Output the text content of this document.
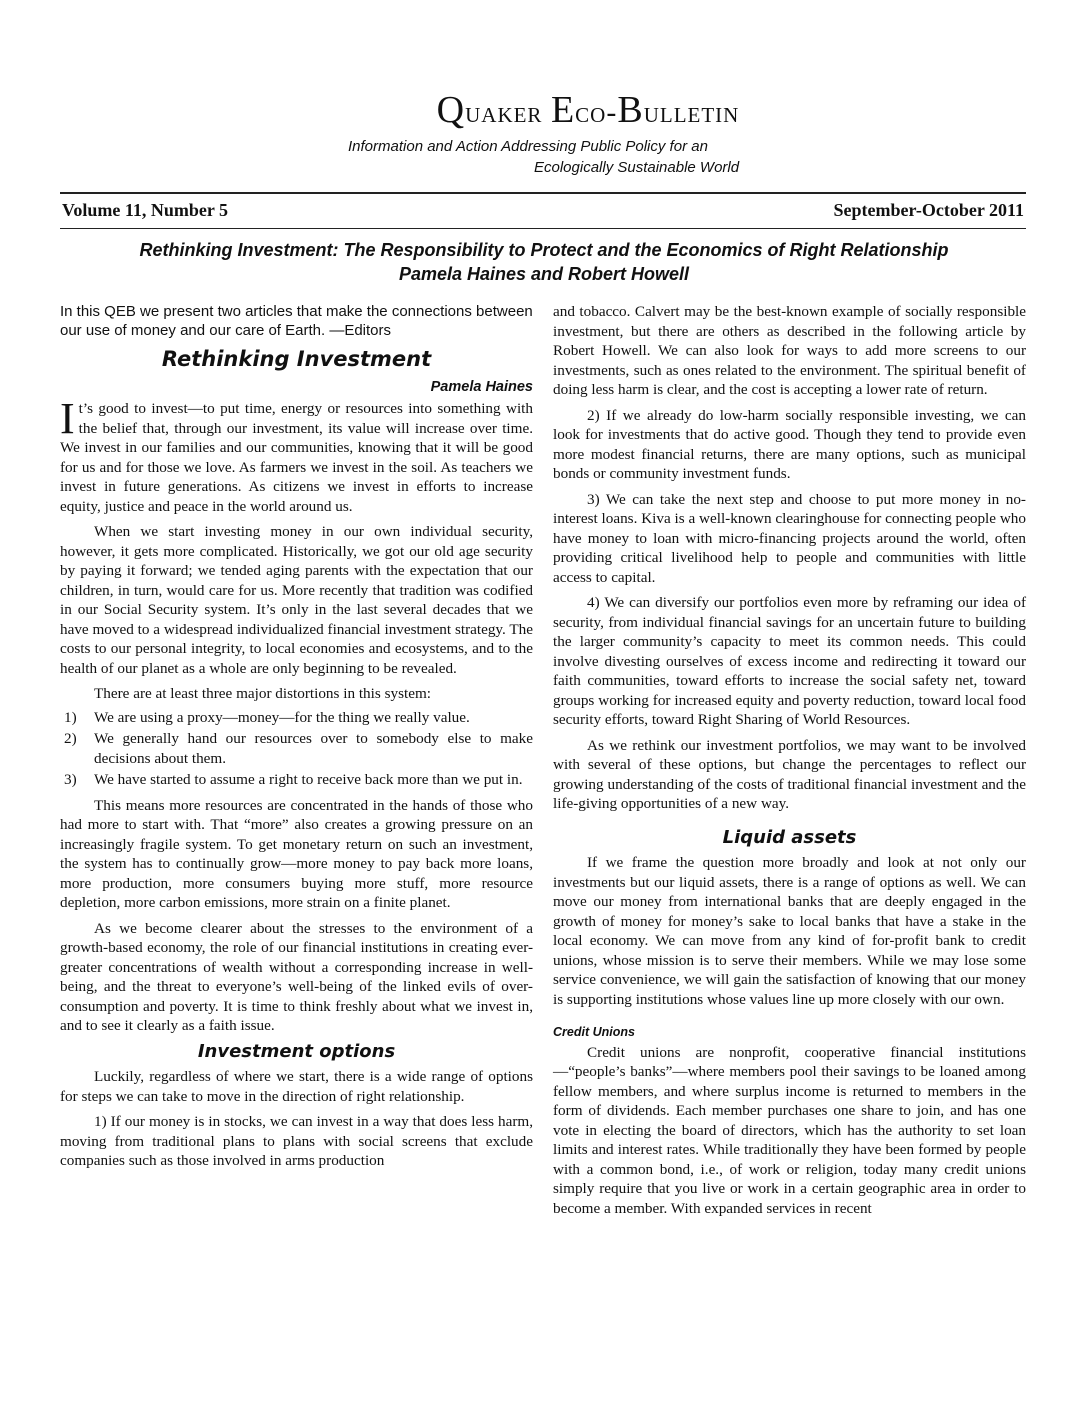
Quaker Eco-Bulletin
Information and Action Addressing Public Policy for an
Ecologically Sustainable World
Volume 11, Number 5	September-October 2011
Rethinking Investment: The Responsibility to Protect and the Economics of Right Relationship
Pamela Haines and Robert Howell

In this QEB we present two articles that make the connections between our use of money and our care of Earth. —Editors

Rethinking Investment
Pamela Haines

It’s good to invest—to put time, energy or resources into something with the belief that, through our investment, its value will increase over time. We invest in our families and our communities, knowing that it will be good for us and for those we love. As farmers we invest in the soil. As teachers we invest in future generations. As citizens we invest in efforts to increase equity, justice and peace in the world around us.

When we start investing money in our own individual security, however, it gets more complicated. Historically, we got our old age security by paying it forward; we tended aging parents with the expectation that our children, in turn, would care for us. More recently that tradition was codified in our Social Security system. It’s only in the last several decades that we have moved to a widespread individualized financial investment strategy. The costs to our personal integrity, to local economies and ecosystems, and to the health of our planet as a whole are only beginning to be revealed.

There are at least three major distortions in this system:

1)	We are using a proxy—money—for the thing we really value.
2)	We generally hand our resources over to somebody else to make decisions about them.
3)	We have started to assume a right to receive back more than we put in.

This means more resources are concentrated in the hands of those who had more to start with. That “more” also creates a growing pressure on an increasingly fragile system. To get monetary return on such an investment, the system has to continually grow—more money to pay back more loans, more production, more consumers buying more stuff, more resource depletion, more carbon emissions, more strain on a finite planet.

As we become clearer about the stresses to the environment of a growth-based economy, the role of our financial institutions in creating ever-greater concentrations of wealth without a corresponding increase in well-being, and the threat to everyone’s well-being of the linked evils of over-consumption and poverty. It is time to think freshly about what we invest in, and to see it clearly as a faith issue.

Investment options

Luckily, regardless of where we start, there is a wide range of options for steps we can take to move in the direction of right relationship.

1) If our money is in stocks, we can invest in a way that does less harm, moving from traditional plans to plans with social screens that exclude companies such as those involved in arms production

and tobacco. Calvert may be the best-known example of socially responsible investment, but there are others as described in the following article by Robert Howell. We can also look for ways to add more screens to our investments, such as ones related to the environment. The spiritual benefit of doing less harm is clear, and the cost is accepting a lower rate of return.

2) If we already do low-harm socially responsible investing, we can look for investments that do active good. Though they tend to provide even more modest financial returns, there are many options, such as municipal bonds or community investment funds.

3) We can take the next step and choose to put more money in no-interest loans. Kiva is a well-known clearinghouse for connecting people who have money to loan with micro-financing projects around the world, often providing critical livelihood help to people and communities with little access to capital.

4) We can diversify our portfolios even more by reframing our idea of security, from individual financial savings for an uncertain future to building the larger community’s capacity to meet its common needs. This could involve divesting ourselves of excess income and redirecting it toward our faith communities, toward efforts to increase the social safety net, toward groups working for increased equity and poverty reduction, toward local food security efforts, toward Right Sharing of World Resources.

As we rethink our investment portfolios, we may want to be involved with several of these options, but change the percentages to reflect our growing understanding of the costs of traditional financial investment and the life-giving opportunities of a new way.

Liquid assets

If we frame the question more broadly and look at not only our investments but our liquid assets, there is a range of options as well. We can move our money from international banks that are deeply engaged in the growth of money for money’s sake to local banks that have a stake in the local economy. We can move from any kind of for-profit bank to credit unions, whose mission is to serve their members. While we may lose some service convenience, we will gain the satisfaction of knowing that our money is supporting institutions whose values line up more closely with our own.

Credit Unions

Credit unions are nonprofit, cooperative financial institutions—“people’s banks”—where members pool their savings to be loaned among fellow members, and where surplus income is returned to members in the form of dividends. Each member purchases one share to join, and has one vote in electing the board of directors, which has the authority to set loan limits and interest rates. While traditionally they have been formed by people with a common bond, i.e., of work or religion, today many credit unions simply require that you live or work in a certain geographic area in order to become a member. With expanded services in recent
